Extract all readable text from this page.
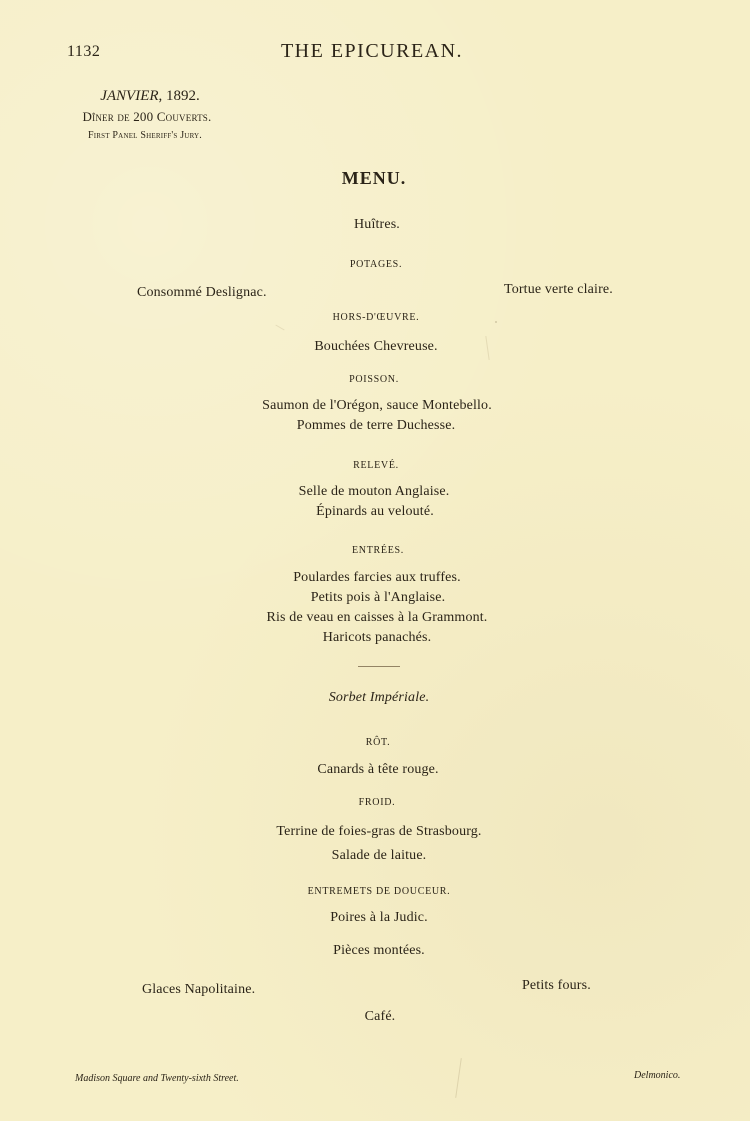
1132	THE EPICUREAN.
JANVIER, 1892.
Dîner de 200 Couverts.
First Panel Sheriff's Jury.
MENU.
Huîtres.
POTAGES.
Consommé Deslignac.	Tortue verte claire.
HORS-D'ŒUVRE.
Bouchées Chevreuse.
POISSON.
Saumon de l'Orégon, sauce Montebello.
Pommes de terre Duchesse.
RELEVÉ.
Selle de mouton Anglaise.
Épinards au velouté.
ENTRÉES.
Poulardes farcies aux truffes.
Petits pois à l'Anglaise.
Ris de veau en caisses à la Grammont.
Haricots panachés.
Sorbet Impériale.
RÔT.
Canards à tête rouge.
FROID.
Terrine de foies-gras de Strasbourg.
Salade de laitue.
ENTREMETS DE DOUCEUR.
Poires à la Judic.
Pièces montées.
Glaces Napolitaine.	Petits fours.
Café.
Madison Square and Twenty-sixth Street.	Delmonico.
